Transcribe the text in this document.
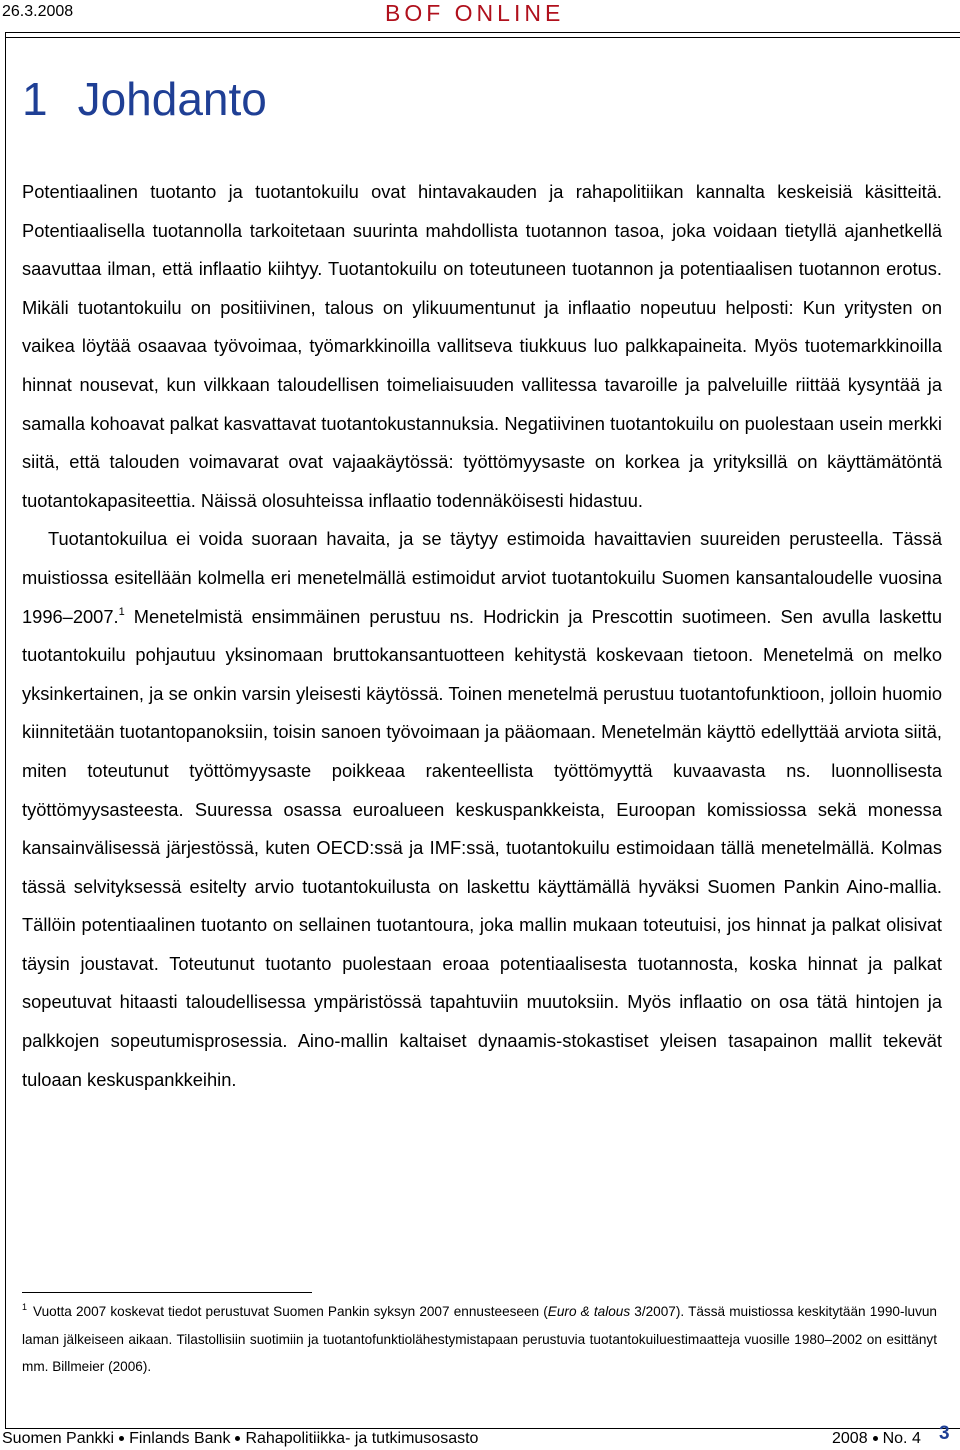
26.3.2008	BOF ONLINE
1 Johdanto

Potentiaalinen tuotanto ja tuotantokuilu ovat hintavakauden ja rahapolitiikan kannalta keskeisiä käsitteitä. Potentiaalisella tuotannolla tarkoitetaan suurinta mahdollista tuotannon tasoa, joka voidaan tietyllä ajanhetkellä saavuttaa ilman, että inflaatio kiihtyy. Tuotantokuilu on toteutuneen tuotannon ja potentiaalisen tuotannon erotus. Mikäli tuotantokuilu on positiivinen, talous on ylikuumentunut ja inflaatio nopeutuu helposti: Kun yritysten on vaikea löytää osaavaa työvoimaa, työmarkkinoilla vallitseva tiukkuus luo palkkapaineita. Myös tuotemarkkinoilla hinnat nousevat, kun vilkkaan taloudellisen toimeliaisuuden vallitessa tavaroille ja palveluille riittää kysyntää ja samalla kohoavat palkat kasvattavat tuotantokustannuksia. Negatiivinen tuotantokuilu on puolestaan usein merkki siitä, että talouden voimavarat ovat vajaakäytössä: työttömyysaste on korkea ja yrityksillä on käyttämätöntä tuotantokapasiteettia. Näissä olosuhteissa inflaatio todennäköisesti hidastuu.

Tuotantokuilua ei voida suoraan havaita, ja se täytyy estimoida havaittavien suureiden perusteella. Tässä muistiossa esitellään kolmella eri menetelmällä estimoidut arviot tuotantokuilu Suomen kansantaloudelle vuosina 1996–2007.$^1$ Menetelmistä ensimmäinen perustuu ns. Hodrickin ja Prescottin suotimeen. Sen avulla laskettu tuotantokuilu pohjautuu yksinomaan bruttokansantuotteen kehitystä koskevaan tietoon. Menetelmä on melko yksinkertainen, ja se onkin varsin yleisesti käytössä. Toinen menetelmä perustuu tuotantofunktioon, jolloin huomio kiinnitetään tuotantopanoksiin, toisin sanoen työvoimaan ja pääomaan. Menetelmän käyttö edellyttää arviota siitä, miten toteutunut työttömyysaste poikkeaa rakenteellista työttömyyttä kuvaavasta ns. luonnollisesta työttömyysasteesta. Suuressa osassa euroalueen keskuspankkeista, Euroopan komissiossa sekä monessa kansainvälisessä järjestössä, kuten OECD:ssä ja IMF:ssä, tuotantokuilu estimoidaan tällä menetelmällä. Kolmas tässä selvityksessä esitelty arvio tuotantokuilusta on laskettu käyttämällä hyväksi Suomen Pankin Aino-mallia. Tällöin potentiaalinen tuotanto on sellainen tuotantoura, joka mallin mukaan toteutuisi, jos hinnat ja palkat olisivat täysin joustavat. Toteutunut tuotanto puolestaan eroaa potentiaalisesta tuotannosta, koska hinnat ja palkat sopeutuvat hitaasti taloudellisessa ympäristössä tapahtuviin muutoksiin. Myös inflaatio on osa tätä hintojen ja palkkojen sopeutumisprosessia. Aino-mallin kaltaiset dynaamis-stokastiset yleisen tasapainon mallit tekevät tuloaan keskuspankkeihin.

$^1$ Vuotta 2007 koskevat tiedot perustuvat Suomen Pankin syksyn 2007 ennusteeseen (Euro & talous 3/2007). Tässä muistiossa keskitytään 1990-luvun laman jälkeiseen aikaan. Tilastollisiin suotimiin ja tuotantofunktiolähestymistapaan perustuvia tuotantokuiluestimaatteja vuosille 1980–2002 on esittänyt mm. Billmeier (2006).
Suomen Pankki Finlands Bank Rahapolitiikka- ja tutkimusosasto	2008 No. 4 3
